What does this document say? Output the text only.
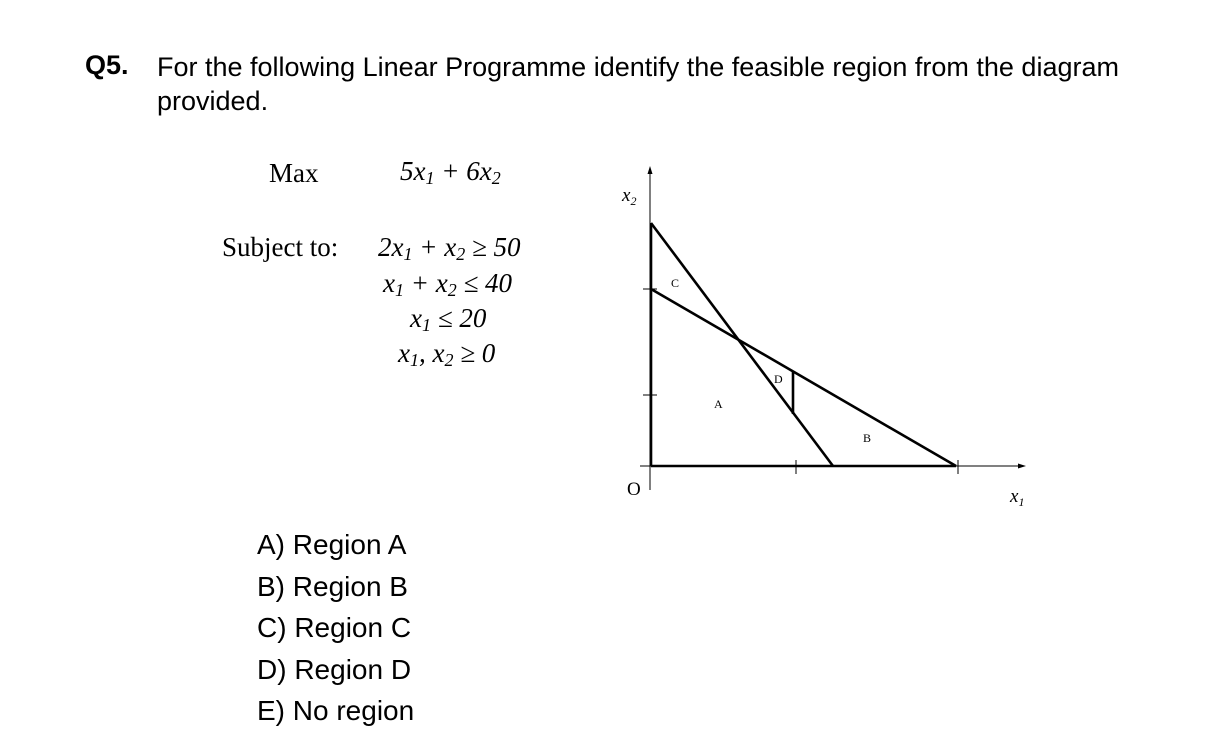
Q5. For the following Linear Programme identify the feasible region from the diagram provided.
Max	$5x_1 + 6x_2$
Subject to: $2x_1 + x_2 \ge 50$
$x_1 + x_2 \le 40$
$x_1 \le 20$
$x_1$, $x_2 \ge 0$
$x_2$
$x_1$
O
A
B
C
D
A) Region A
B) Region B
C) Region C
D) Region D
E) No region
